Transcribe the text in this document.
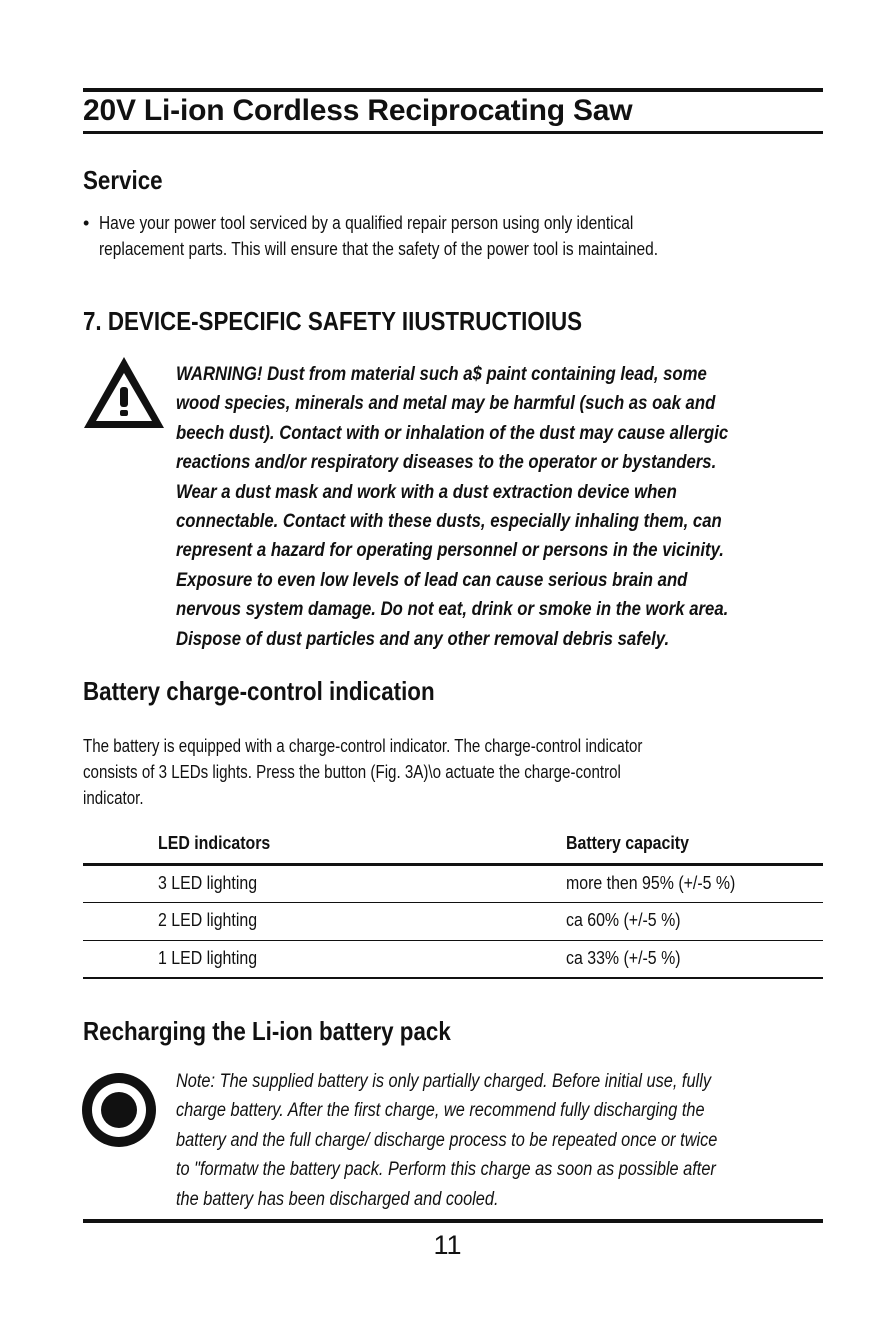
20V Li-ion Cordless Reciprocating Saw
Service
• Have your power tool serviced by a qualified repair person using only identical
replacement parts. This will ensure that the safety of the power tool is maintained.
7. DEVICE-SPECIFIC SAFETY IIUSTRUCTIOIUS
WARNING! Dust from material such a$ paint containing lead, some
wood species, minerals and metal may be harmful (such as oak and
beech dust). Contact with or inhalation of the dust may cause allergic
reactions and/or respiratory diseases to the operator or bystanders.
Wear a dust mask and work with a dust extraction device when
connectable. Contact with these dusts, especially inhaling them, can
represent a hazard for operating personnel or persons in the vicinity.
Exposure to even low levels of lead can cause serious brain and
nervous system damage. Do not eat, drink or smoke in the work area.
Dispose of dust particles and any other removal debris safely.
Battery charge-control indication
The battery is equipped with a charge-control indicator. The charge-control indicator
consists of 3 LEDs lights. Press the button (Fig. 3A)\o actuate the charge-control
indicator.
LED indicators	Battery capacity
3 LED lighting	more then 95% (+/-5 %)
2 LED lighting	ca 60% (+/-5 %)
1 LED lighting	ca 33% (+/-5 %)
Recharging the Li-ion battery pack
Note: The supplied battery is only partially charged. Before initial use, fully
charge battery. After the first charge, we recommend fully discharging the
battery and the full charge/ discharge process to be repeated once or twice
to "formatw the battery pack. Perform this charge as soon as possible after
the battery has been discharged and cooled.
11
